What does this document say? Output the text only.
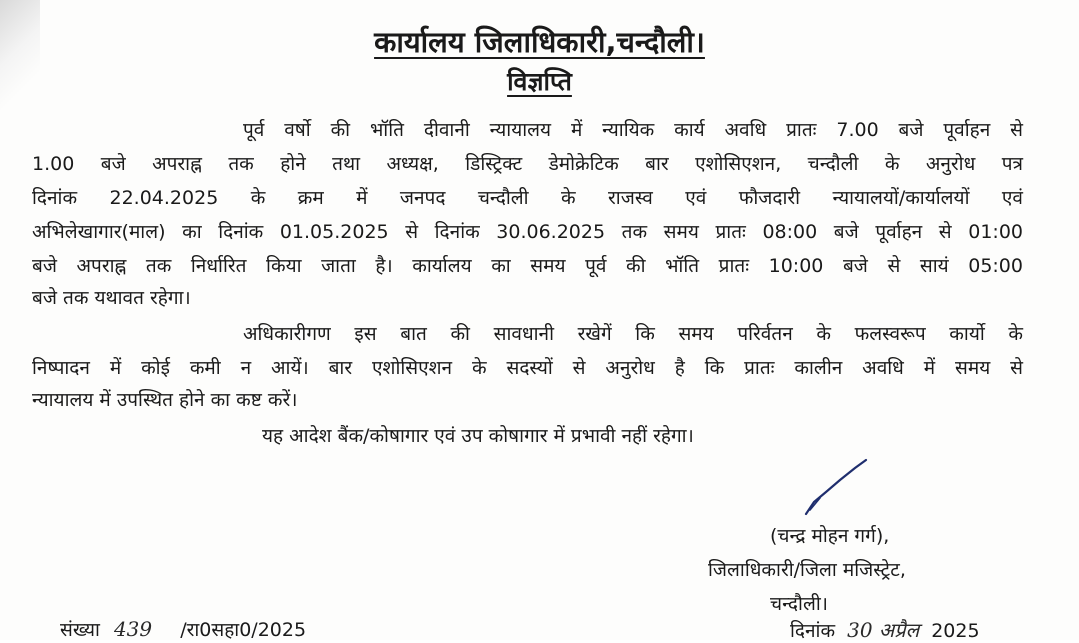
कार्यालय जिलाधिकारी,चन्दौली।
विज्ञप्ति
पूर्व वर्षो की भॉति दीवानी न्यायालय में न्यायिक कार्य अवधि प्रातः 7.00 बजे पूर्वाहन से
1.00 बजे अपराह्न तक होने तथा अध्यक्ष, डिस्ट्रिक्ट डेमोक्रेटिक बार एशोसिएशन, चन्दौली के अनुरोध पत्र
दिनांक 22.04.2025 के क्रम में जनपद चन्दौली के राजस्व एवं फौजदारी न्यायालयों/कार्यालयों एवं
अभिलेखागार(माल) का दिनांक 01.05.2025 से दिनांक 30.06.2025 तक समय प्रातः 08:00 बजे पूर्वाहन से 01:00
बजे अपराह्न तक निर्धारित किया जाता है। कार्यालय का समय पूर्व की भॉति प्रातः 10:00 बजे से सायं 05:00
बजे तक यथावत रहेगा।
अधिकारीगण इस बात की सावधानी रखेगें कि समय परिर्वतन के फलस्वरूप कार्यो के
निष्पादन में कोई कमी न आयें। बार एशोसिएशन के सदस्यों से अनुरोध है कि प्रातः कालीन अवधि में समय से
न्यायालय में उपस्थित होने का कष्ट करें।
यह आदेश बैंक/कोषागार एवं उप कोषागार में प्रभावी नहीं रहेगा।
(चन्द्र मोहन गर्ग),
जिलाधिकारी/जिला मजिस्ट्रेट,
चन्दौली।
संख्या 439 /रा0सहा0/2025	दिनांक 30 अप्रैल 2025
